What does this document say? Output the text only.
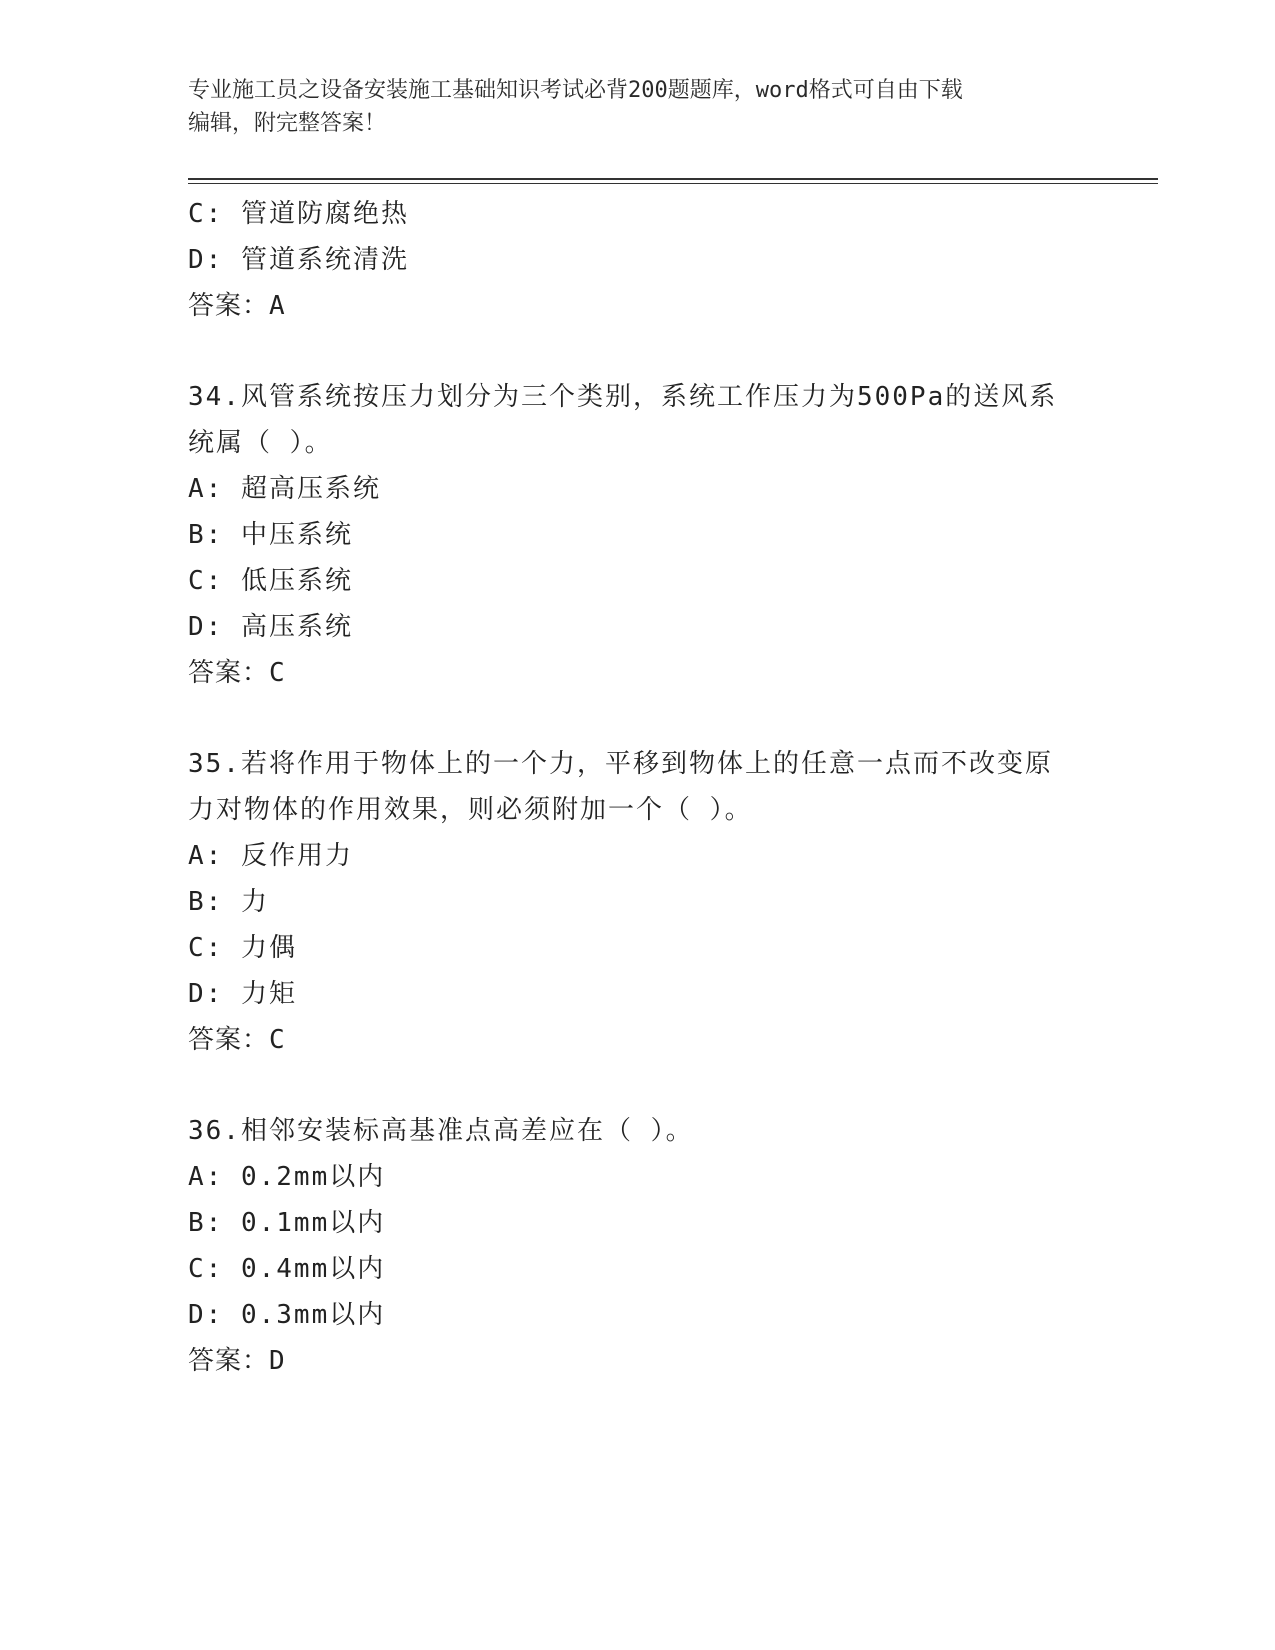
专业施工员之设备安装施工基础知识考试必背200题题库，word格式可自由下载
编辑，附完整答案！
C: 管道防腐绝热
D: 管道系统清洗
答案：A
34.风管系统按压力划分为三个类别，系统工作压力为500Pa的送风系
统属（ ）。
A: 超高压系统
B: 中压系统
C: 低压系统
D: 高压系统
答案：C
35.若将作用于物体上的一个力，平移到物体上的任意一点而不改变原
力对物体的作用效果，则必须附加一个（ ）。
A: 反作用力
B: 力
C: 力偶
D: 力矩
答案：C
36.相邻安装标高基准点高差应在（ ）。
A: 0.2mm以内
B: 0.1mm以内
C: 0.4mm以内
D: 0.3mm以内
答案：D
